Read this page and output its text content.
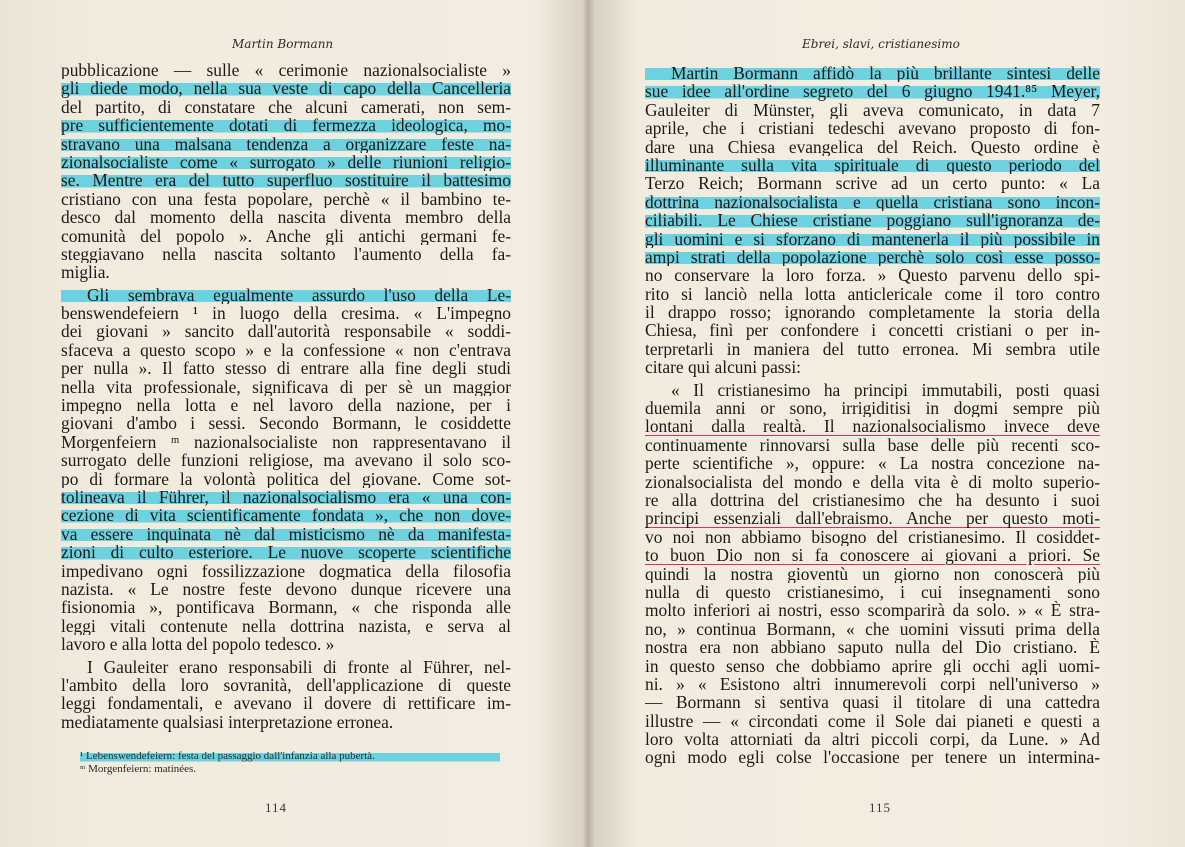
Martin Bormann
pubblicazione — sulle « cerimonie nazionalsocialiste »
gli diede modo, nella sua veste di capo della Cancelleria
del partito, di constatare che alcuni camerati, non sem-
pre sufficientemente dotati di fermezza ideologica, mo-
stravano una malsana tendenza a organizzare feste na-
zionalsocialiste come « surrogato » delle riunioni religio-
se. Mentre era del tutto superfluo sostituire il battesimo
cristiano con una festa popolare, perchè « il bambino te-
desco dal momento della nascita diventa membro della
comunità del popolo ». Anche gli antichi germani fe-
steggiavano nella nascita soltanto l'aumento della fa-
miglia.
Gli sembrava egualmente assurdo l'uso della Le-
benswendefeiern ¹ in luogo della cresima. « L'impegno
dei giovani » sancito dall'autorità responsabile « soddi-
sfaceva a questo scopo » e la confessione « non c'entrava
per nulla ». Il fatto stesso di entrare alla fine degli studi
nella vita professionale, significava di per sè un maggior
impegno nella lotta e nel lavoro della nazione, per i
giovani d'ambo i sessi. Secondo Bormann, le cosiddette
Morgenfeiern ᵐ nazionalsocialiste non rappresentavano il
surrogato delle funzioni religiose, ma avevano il solo sco-
po di formare la volontà politica del giovane. Come sot-
tolineava il Führer, il nazionalsocialismo era « una con-
cezione di vita scientificamente fondata », che non dove-
va essere inquinata nè dal misticismo nè da manifesta-
zioni di culto esteriore. Le nuove scoperte scientifiche
impedivano ogni fossilizzazione dogmatica della filosofia
nazista. « Le nostre feste devono dunque ricevere una
fisionomia », pontificava Bormann, « che risponda alle
leggi vitali contenute nella dottrina nazista, e serva al
lavoro e alla lotta del popolo tedesco. »
I Gauleiter erano responsabili di fronte al Führer, nel-
l'ambito della loro sovranità, dell'applicazione di queste
leggi fondamentali, e avevano il dovere di rettificare im-
mediatamente qualsiasi interpretazione erronea.
¹ Lebenswendefeiern: festa del passaggio dall'infanzia alla pubertà.
ᵐ Morgenfeiern: matinées.
114
Ebrei, slavi, cristianesimo
Martin Bormann affidò la più brillante sintesi delle
sue idee all'ordine segreto del 6 giugno 1941.⁸⁵ Meyer,
Gauleiter di Münster, gli aveva comunicato, in data 7
aprile, che i cristiani tedeschi avevano proposto di fon-
dare una Chiesa evangelica del Reich. Questo ordine è
illuminante sulla vita spirituale di questo periodo del
Terzo Reich; Bormann scrive ad un certo punto: « La
dottrina nazionalsocialista e quella cristiana sono incon-
ciliabili. Le Chiese cristiane poggiano sull'ignoranza de-
gli uomini e si sforzano di mantenerla il più possibile in
ampi strati della popolazione perchè solo così esse posso-
no conservare la loro forza. » Questo parvenu dello spi-
rito si lanciò nella lotta anticlericale come il toro contro
il drappo rosso; ignorando completamente la storia della
Chiesa, finì per confondere i concetti cristiani o per in-
terpretarli in maniera del tutto erronea. Mi sembra utile
citare qui alcuni passi:
« Il cristianesimo ha principi immutabili, posti quasi
duemila anni or sono, irrigiditisi in dogmi sempre più
lontani dalla realtà. Il nazionalsocialismo invece deve
continuamente rinnovarsi sulla base delle più recenti sco-
perte scientifiche », oppure: « La nostra concezione na-
zionalsocialista del mondo e della vita è di molto superio-
re alla dottrina del cristianesimo che ha desunto i suoi
principi essenziali dall'ebraismo. Anche per questo moti-
vo noi non abbiamo bisogno del cristianesimo. Il cosiddet-
to buon Dio non si fa conoscere ai giovani a priori. Se
quindi la nostra gioventù un giorno non conoscerà più
nulla di questo cristianesimo, i cui insegnamenti sono
molto inferiori ai nostri, esso scomparirà da solo. » « È stra-
no, » continua Bormann, « che uomini vissuti prima della
nostra era non abbiano saputo nulla del Dio cristiano. È
in questo senso che dobbiamo aprire gli occhi agli uomi-
ni. » « Esistono altri innumerevoli corpi nell'universo »
— Bormann si sentiva quasi il titolare di una cattedra
illustre — « circondati come il Sole dai pianeti e questi a
loro volta attorniati da altri piccoli corpi, da Lune. » Ad
ogni modo egli colse l'occasione per tenere un intermina-
115
